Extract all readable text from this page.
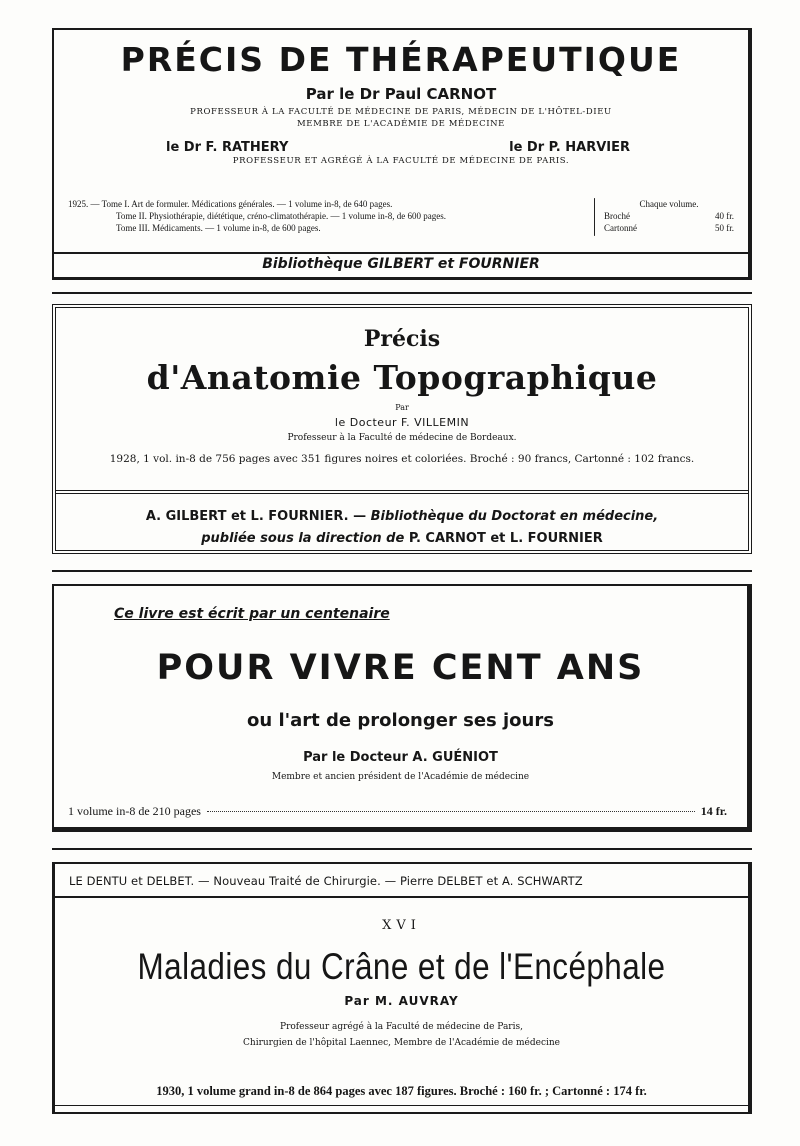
PRÉCIS DE THÉRAPEUTIQUE
Par le Dr Paul CARNOT
PROFESSEUR À LA FACULTÉ DE MÉDECINE DE PARIS, MÉDECIN DE L'HÔTEL-DIEU
MEMBRE DE L'ACADÉMIE DE MÉDECINE
le Dr F. RATHERY	le Dr P. HARVIER
PROFESSEUR ET AGRÉGÉ À LA FACULTÉ DE MÉDECINE DE PARIS.
1925. — Tome I. Art de formuler. Médications générales. — 1 volume in-8, de 640 pages.
Tome II. Physiothérapie, diététique, créno-climatothérapie. — 1 volume in-8, de 600 pages.
Tome III. Médicaments. — 1 volume in-8, de 600 pages.
Chaque volume.
Broché	40 fr.
Cartonné	50 fr.
Bibliothèque GILBERT et FOURNIER
Précis
d'Anatomie Topographique
Par
le Docteur F. VILLEMIN
Professeur à la Faculté de médecine de Bordeaux.
1928, 1 vol. in-8 de 756 pages avec 351 figures noires et coloriées. Broché : 90 francs, Cartonné : 102 francs.
A. GILBERT et L. FOURNIER. — Bibliothèque du Doctorat en médecine,
publiée sous la direction de P. CARNOT et L. FOURNIER
Ce livre est écrit par un centenaire
POUR VIVRE CENT ANS
ou l'art de prolonger ses jours
Par le Docteur A. GUÉNIOT
Membre et ancien président de l'Académie de médecine
1 volume in-8 de 210 pages	14 fr.
LE DENTU et DELBET. — Nouveau Traité de Chirurgie. — Pierre DELBET et A. SCHWARTZ
XVI
Maladies du Crâne et de l'Encéphale
Par M. AUVRAY
Professeur agrégé à la Faculté de médecine de Paris,
Chirurgien de l'hôpital Laennec, Membre de l'Académie de médecine
1930, 1 volume grand in-8 de 864 pages avec 187 figures. Broché : 160 fr. ; Cartonné : 174 fr.
